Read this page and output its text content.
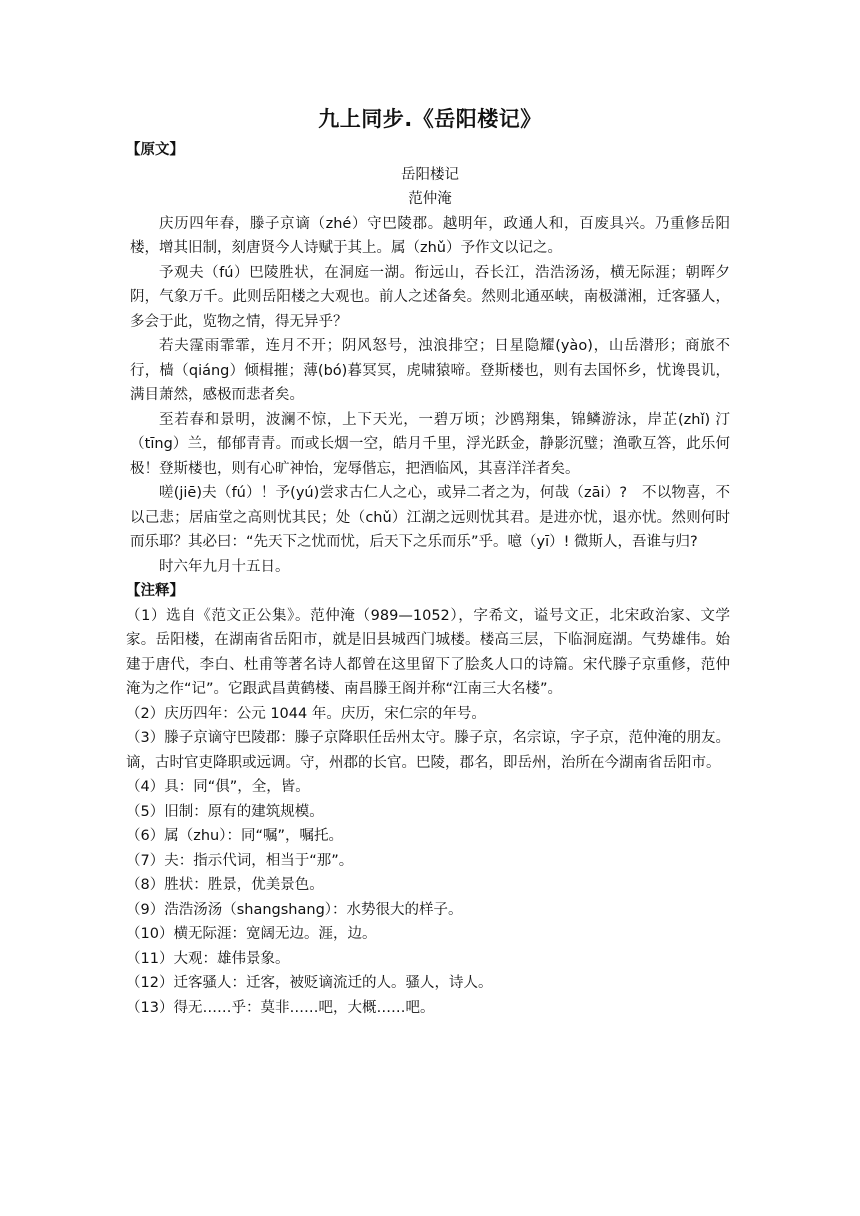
九上同步.《岳阳楼记》

【原文】

岳阳楼记

范仲淹

庆历四年春，滕子京谪（zhé）守巴陵郡。越明年，政通人和，百废具兴。乃重修岳阳楼，增其旧制，刻唐贤今人诗赋于其上。属（zhǔ）予作文以记之。

予观夫（fú）巴陵胜状，在洞庭一湖。衔远山，吞长江，浩浩汤汤，横无际涯；朝晖夕阴，气象万千。此则岳阳楼之大观也。前人之述备矣。然则北通巫峡，南极潇湘，迁客骚人，多会于此，览物之情，得无异乎？

若夫霪雨霏霏，连月不开；阴风怒号，浊浪排空；日星隐耀(yào)，山岳潜形；商旅不行，樯（qiáng）倾楫摧；薄(bó)暮冥冥，虎啸猿啼。登斯楼也，则有去国怀乡，忧谗畏讥，满目萧然，感极而悲者矣。

至若春和景明，波澜不惊，上下天光，一碧万顷；沙鸥翔集，锦鳞游泳，岸芷(zhǐ) 汀（tīng）兰，郁郁青青。而或长烟一空，皓月千里，浮光跃金，静影沉璧；渔歌互答，此乐何极！登斯楼也，则有心旷神怡，宠辱偕忘，把酒临风，其喜洋洋者矣。

嗟(jiē)夫（fú）！予(yú)尝求古仁人之心，或异二者之为，何哉（zāi）?　不以物喜，不以己悲；居庙堂之高则忧其民；处（chǔ）江湖之远则忧其君。是进亦忧，退亦忧。然则何时而乐耶？其必曰：“先天下之忧而忧，后天下之乐而乐”乎。噫（yī）! 微斯人，吾谁与归?

时六年九月十五日。

【注释】

（1）选自《范文正公集》。范仲淹（989—1052），字希文，谥号文正，北宋政治家、文学家。岳阳楼，在湖南省岳阳市，就是旧县城西门城楼。楼高三层，下临洞庭湖。气势雄伟。始建于唐代，李白、杜甫等著名诗人都曾在这里留下了脍炙人口的诗篇。宋代滕子京重修，范仲淹为之作“记”。它跟武昌黄鹤楼、南昌滕王阁并称“江南三大名楼”。

（2）庆历四年：公元 1044 年。庆历，宋仁宗的年号。

（3）滕子京谪守巴陵郡：滕子京降职任岳州太守。滕子京，名宗谅，字子京，范仲淹的朋友。谪，古时官吏降职或远调。守，州郡的长官。巴陵，郡名，即岳州，治所在今湖南省岳阳市。

（4）具：同“俱”，全，皆。

（5）旧制：原有的建筑规模。

（6）属（zhu）：同“嘱”，嘱托。

（7）夫：指示代词，相当于“那”。

（8）胜状：胜景，优美景色。

（9）浩浩汤汤（shangshang）：水势很大的样子。

（10）横无际涯：宽阔无边。涯，边。

（11）大观：雄伟景象。

（12）迁客骚人：迁客，被贬谪流迁的人。骚人，诗人。

（13）得无……乎：莫非……吧，大概……吧。
